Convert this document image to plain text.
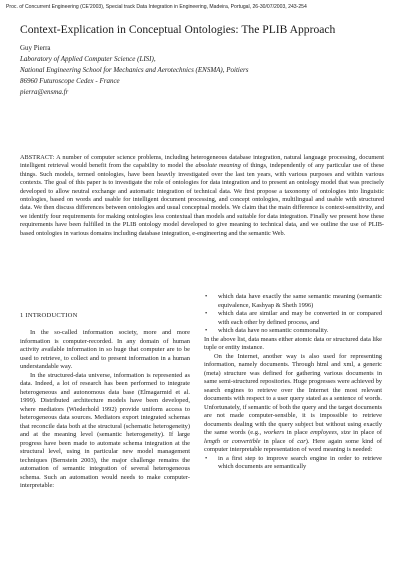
Proc. of Concurrent Engineering (CE'2003), Special track Data Integration in Engineering, Madeira, Portugal, 26-30/07/2003, 243-254
Context-Explication in Conceptual Ontologies: The PLIB Approach
Guy Pierra
Laboratory of Applied Computer Science (LISI),
National Engineering School for Mechanics and Aerotechnics (ENSMA), Poitiers
86960 Futuroscope Cedex - France
pierra@ensma.fr
ABSTRACT: A number of computer science problems, including heterogeneous database integration, natural language processing, document intelligent retrieval would benefit from the capability to model the absolute meaning of things, independently of any particular use of these things. Such models, termed ontologies, have been heavily investigated over the last ten years, with various purposes and within various contexts. The goal of this paper is to investigate the role of ontologies for data integration and to present an ontology model that was precisely developed to allow neutral exchange and automatic integration of technical data. We first propose a taxonomy of ontologies into linguistic ontologies, based on words and usable for intelligent document processing, and concept ontologies, multilingual and usable with structured data. We then discuss differences between ontologies and usual conceptual models. We claim that the main difference is context-sensitivity, and we identify four requirements for making ontologies less contextual than models and suitable for data integration. Finally we present how these requirements have been fulfilled in the PLIB ontology model developed to give meaning to technical data, and we outline the use of PLIB-based ontologies in various domains including database integration, e-engineering and the semantic Web.
1 INTRODUCTION

In the so-called information society, more and more information is computer-recorded. In any domain of human activity available information in so huge that computer are to be used to retrieve, to collect and to present information in a human understandable way.

In the structured-data universe, information is represented as data. Indeed, a lot of research has been performed to integrate heterogeneous and autonomous data base (Elmagarmid et al. 1999). Distributed architecture models have been developed, where mediators (Wiederhold 1992) provide uniform access to heterogeneous data sources. Mediators export integrated schemas that reconcile data both at the structural (schematic heterogeneity) and at the meaning level (semantic heterogeneity). If large progress have been made to automate schema integration at the structural level, using in particular new model management techniques (Bernstein 2003), the major challenge remains the automation of semantic integration of several heterogeneous schema. Such an automation would needs to make computer-interpretable:

• which data have exactly the same semantic meaning (semantic equivalence, Kashyap & Sheth 1996)
• which data are similar and may be converted in or compared with each other by defined process, and
• which data have no semantic commonality.

In the above list, data means either atomic data or structured data like tuple or entity instance.

On the Internet, another way is also used for representing information, namely documents. Through html and xml, a generic (meta) structure was defined for gathering various documents in same semi-structured repositories. Huge progresses were achieved by search engines to retrieve over the Internet the most relevant documents with respect to a user query stated as a sentence of words. Unfortunately, if semantic of both the query and the target documents are not made computer-sensible, it is impossible to retrieve documents dealing with the query subject but without using exactly the same words (e.g., workers in place employees, size in place of length or convertible in place of car). Here again some kind of computer interpretable representation of word meaning is needed:

• in a first step to improve search engine in order to retrieve which documents are semantically
